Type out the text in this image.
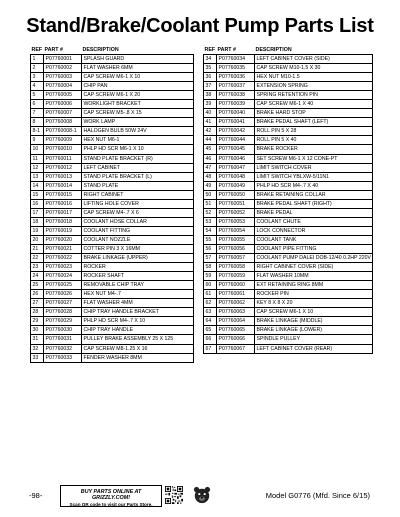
Stand/Brake/Coolant Pump Parts List
REF	PART #	DESCRIPTION
1	P07760001	SPLASH GUARD
2	P07760002	FLAT WASHER 6MM
3	P07760003	CAP SCREW M6-1 X 10
4	P07760004	CHIP PAN
5	P07760005	CAP SCREW M6-1 X 20
6	P07760006	WORKLIGHT BRACKET
7	P07760007	CAP SCREW M5-.8 X 15
8	P07760008	WORK LAMP
8-1	P07760008-1	HALOGEN BULB 50W 24V
9	P07760009	HEX NUT M6-1
10	P07760010	PHLP HD SCR M6-1 X 10
11	P07760011	STAND PLATE BRACKET (R)
12	P07760012	LEFT CABINET
13	P07760013	STAND PLATE BRACKET (L)
14	P07760014	STAND PLATE
15	P07760015	RIGHT CABINET
16	P07760016	LIFTING HOLE COVER
17	P07760017	CAP SCREW M4-.7 X 6
18	P07760018	COOLANT HOSE COLLAR
19	P07760019	COOLANT FITTING
20	P07760020	COOLANT NOZZLE
21	P07760021	COTTER PIN 3 X 16MM
22	P07760022	BRAKE LINKAGE (UPPER)
23	P07760023	ROCKER
24	P07760024	ROCKER SHAFT
25	P07760025	REMOVABLE CHIP TRAY
26	P07760026	HEX NUT M4-.7
27	P07760027	FLAT WASHER 4MM
28	P07760028	CHIP TRAY HANDLE BRACKET
29	P07760029	PHLP HD SCR M4-.7 X 10
30	P07760030	CHIP TRAY HANDLE
31	P07760031	PULLEY BRAKE ASSEMBLY 25 X 125
32	P07760032	CAP SCREW M8-1.25 X 16
33	P07760033	FENDER WASHER 8MM
REF	PART #	DESCRIPTION
34	P07760034	LEFT CABINET COVER (SIDE)
35	P07760035	CAP SCREW M10-1.5 X 30
36	P07760036	HEX NUT M10-1.5
37	P07760037	EXTENSION SPRING
38	P07760038	SPRING RETENTION PIN
39	P07760039	CAP SCREW M6-1 X 40
40	P07760040	BRAKE HARD STOP
41	P07760041	BRAKE PEDAL SHAFT (LEFT)
42	P07760042	ROLL PIN 5 X 28
44	P07760044	ROLL PIN 5 X 40
45	P07760045	BRAKE ROCKER
46	P07760046	SET SCREW M6-1 X 12 CONE-PT
47	P07760047	LIMIT SWITCH COVER
48	P07760048	LIMIT SWITCH YBLXW-5/11N1
49	P07760049	PHLP HD SCR M4-.7 X 40
50	P07760050	BRAKE RETAINING COLLAR
51	P07760051	BRAKE PEDAL SHAFT (RIGHT)
52	P07760052	BRAKE PEDAL
53	P07760053	COOLANT CHUTE
54	P07760054	LOCK CONNECTOR
55	P07760055	COOLANT TANK
56	P07760056	COOLANT PIPE FITTING
57	P07760057	COOLANT PUMP DALEI DOB-12/40 0.2HP 220V
58	P07760058	RIGHT CABINET COVER (SIDE)
59	P07760059	FLAT WASHER 10MM
60	P07760060	EXT RETAINING RING 8MM
61	P07760061	ROCKER PIN
62	P07760062	KEY 8 X 8 X 20
63	P07760063	CAP SCREW M6-1 X 10
64	P07760064	BRAKE LINKAGE (MIDDLE)
65	P07760065	BRAKE LINKAGE (LOWER)
66	P07760066	SPINDLE PULLEY
67	P07760067	LEFT CABINET COVER (REAR)
-98-	BUY PARTS ONLINE AT GRIZZLY.COM!
Scan QR code to visit our Parts Store.
Model G0776 (Mfd. Since 6/15)
